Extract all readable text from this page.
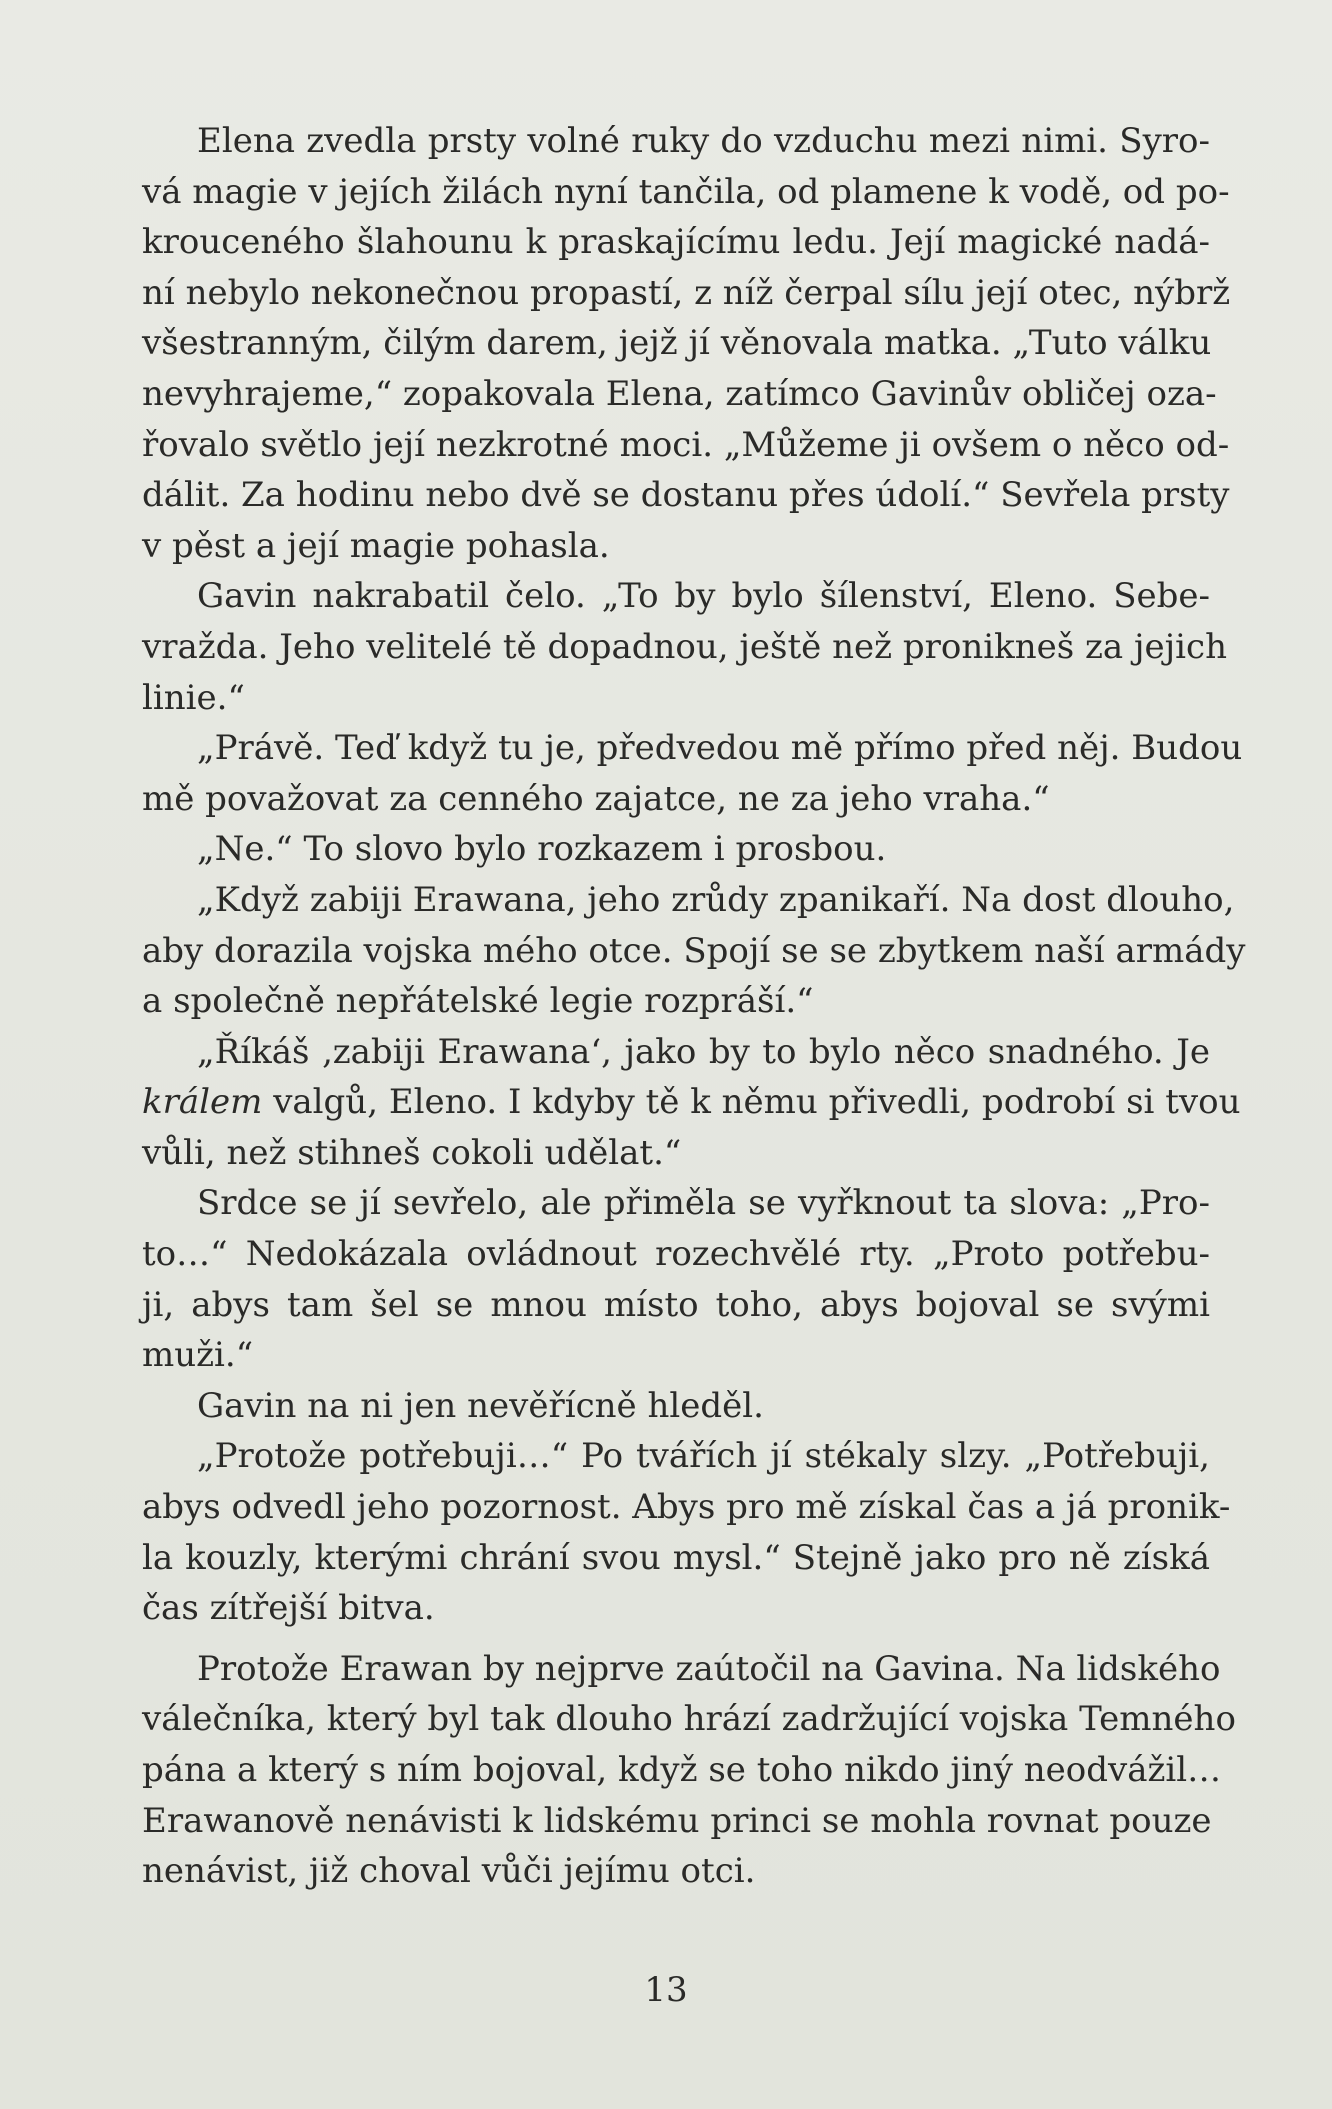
Elena zvedla prsty volné ruky do vzduchu mezi nimi. Syro-
vá magie v jejích žilách nyní tančila, od plamene k vodě, od po-
krouceného šlahounu k praskajícímu ledu. Její magické nadá-
ní nebylo nekonečnou propastí, z níž čerpal sílu její otec, nýbrž
všestranným, čilým darem, jejž jí věnovala matka. „Tuto válku
nevyhrajeme,“ zopakovala Elena, zatímco Gavinův obličej oza-
řovalo světlo její nezkrotné moci. „Můžeme ji ovšem o něco od-
dálit. Za hodinu nebo dvě se dostanu přes údolí.“ Sevřela prsty
v pěst a její magie pohasla.
Gavin nakrabatil čelo. „To by bylo šílenství, Eleno. Sebe-
vražda. Jeho velitelé tě dopadnou, ještě než pronikneš za jejich
linie.“
„Právě. Teď když tu je, předvedou mě přímo před něj. Budou
mě považovat za cenného zajatce, ne za jeho vraha.“
„Ne.“ To slovo bylo rozkazem i prosbou.
„Když zabiji Erawana, jeho zrůdy zpanikaří. Na dost dlouho,
aby dorazila vojska mého otce. Spojí se se zbytkem naší armády
a společně nepřátelské legie rozpráší.“
„Říkáš ‚zabiji Erawana‘, jako by to bylo něco snadného. Je
králem valgů, Eleno. I kdyby tě k němu přivedli, podrobí si tvou
vůli, než stihneš cokoli udělat.“
Srdce se jí sevřelo, ale přiměla se vyřknout ta slova: „Pro-
to…“ Nedokázala ovládnout rozechvělé rty. „Proto potřebu-
ji, abys tam šel se mnou místo toho, abys bojoval se svými
muži.“
Gavin na ni jen nevěřícně hleděl.
„Protože potřebuji…“ Po tvářích jí stékaly slzy. „Potřebuji,
abys odvedl jeho pozornost. Abys pro mě získal čas a já pronik-
la kouzly, kterými chrání svou mysl.“ Stejně jako pro ně získá
čas zítřejší bitva.
Protože Erawan by nejprve zaútočil na Gavina. Na lidského
válečníka, který byl tak dlouho hrází zadržující vojska Temného
pána a který s ním bojoval, když se toho nikdo jiný neodvážil…
Erawanově nenávisti k lidskému princi se mohla rovnat pouze
nenávist, již choval vůči jejímu otci.
13
